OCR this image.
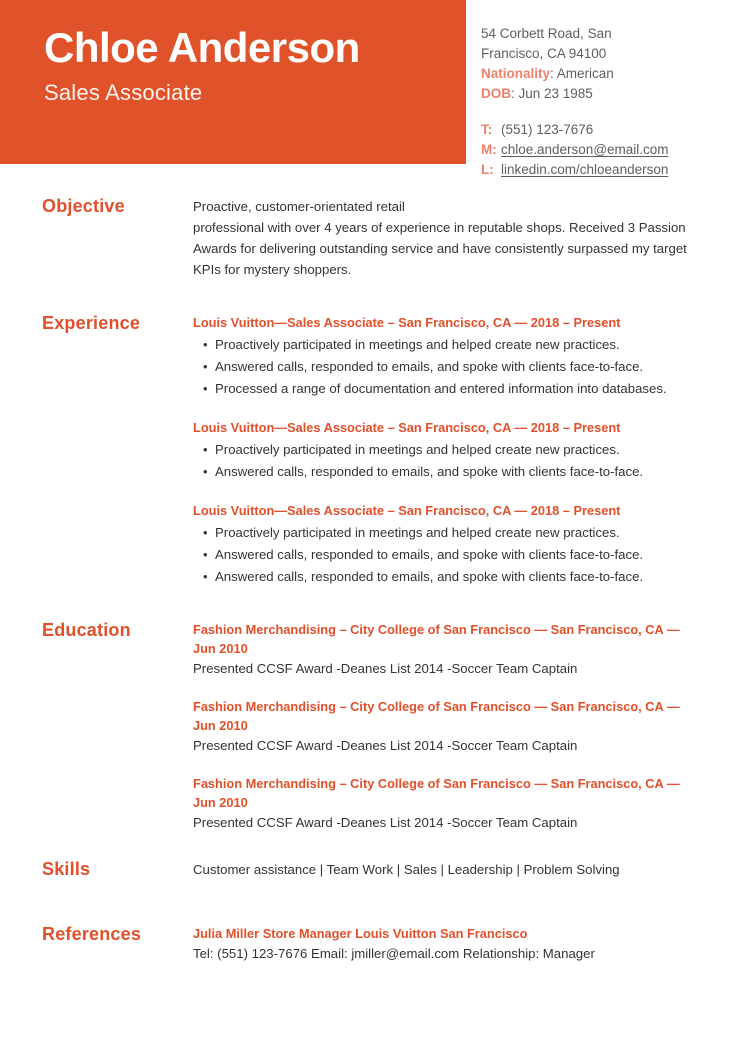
Chloe Anderson
Sales Associate
54 Corbett Road, San
Francisco, CA 94100
Nationality: American
DOB: Jun 23 1985
T: (551) 123-7676
M: chloe.anderson@email.com
L: linkedin.com/chloeanderson
Objective	Proactive, customer-orientated retail
professional with over 4 years of experience in reputable shops. Received 3 Passion Awards for delivering outstanding service and have consistently surpassed my target KPIs for mystery shoppers.
Experience	Louis Vuitton—Sales Associate – San Francisco, CA — 2018 – Present
• Proactively participated in meetings and helped create new practices.
• Answered calls, responded to emails, and spoke with clients face-to-face.
• Processed a range of documentation and entered information into databases.
Louis Vuitton—Sales Associate – San Francisco, CA — 2018 – Present
• Proactively participated in meetings and helped create new practices.
• Answered calls, responded to emails, and spoke with clients face-to-face.
Louis Vuitton—Sales Associate – San Francisco, CA — 2018 – Present
• Proactively participated in meetings and helped create new practices.
• Answered calls, responded to emails, and spoke with clients face-to-face.
• Answered calls, responded to emails, and spoke with clients face-to-face.
Education	Fashion Merchandising – City College of San Francisco — San Francisco, CA — Jun 2010
Presented CCSF Award -Deanes List 2014 -Soccer Team Captain
Fashion Merchandising – City College of San Francisco — San Francisco, CA — Jun 2010
Presented CCSF Award -Deanes List 2014 -Soccer Team Captain
Fashion Merchandising – City College of San Francisco — San Francisco, CA — Jun 2010
Presented CCSF Award -Deanes List 2014 -Soccer Team Captain
Skills	Customer assistance | Team Work | Sales | Leadership | Problem Solving
References	Julia Miller Store Manager Louis Vuitton San Francisco
Tel: (551) 123-7676 Email: jmiller@email.com Relationship: Manager
